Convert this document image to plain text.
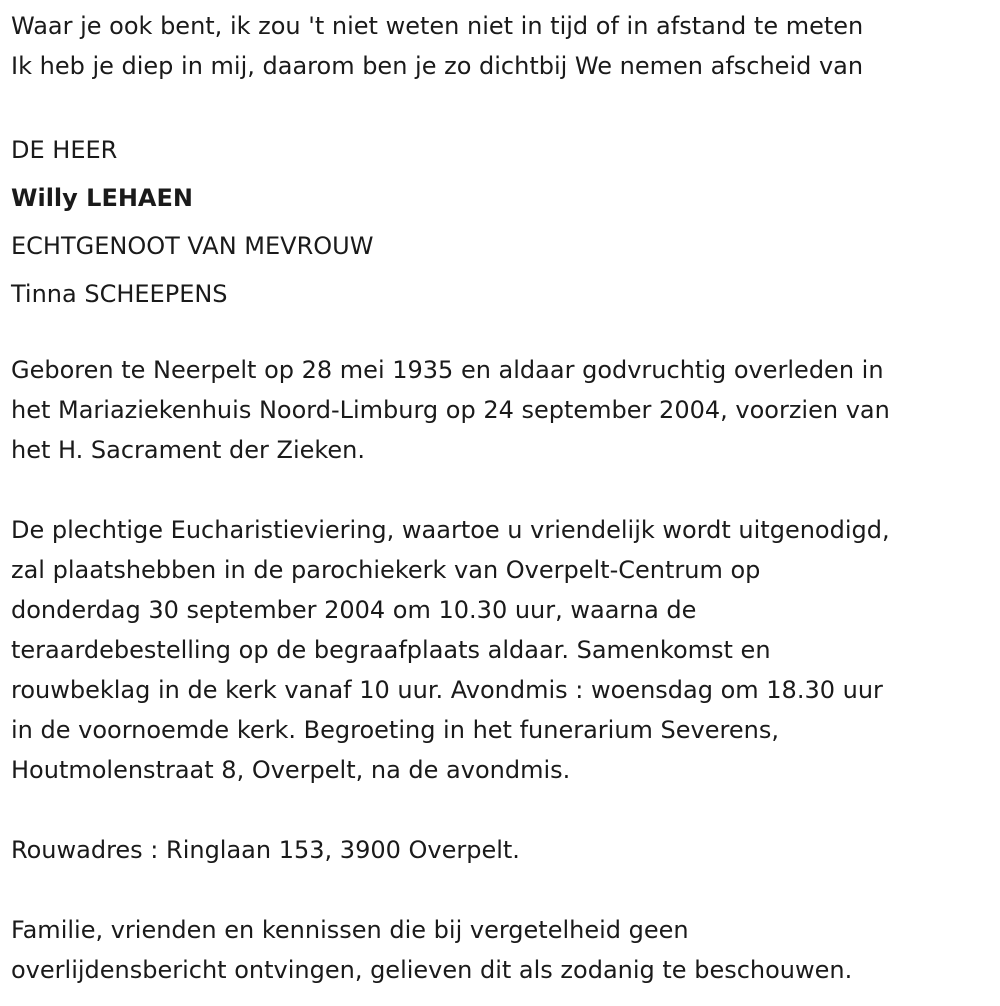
Waar je ook bent, ik zou 't niet weten niet in tijd of in afstand te meten

Ik heb je diep in mij, daarom ben je zo dichtbij We nemen afscheid van

DE HEER

Willy LEHAEN

ECHTGENOOT VAN MEVROUW

Tinna SCHEEPENS

Geboren te Neerpelt op 28 mei 1935 en aldaar godvruchtig overleden in

het Mariaziekenhuis Noord-Limburg op 24 september 2004, voorzien van

het H. Sacrament der Zieken.

De plechtige Eucharistieviering, waartoe u vriendelijk wordt uitgenodigd,

zal plaatshebben in de parochiekerk van Overpelt-Centrum op

donderdag 30 september 2004 om 10.30 uur, waarna de

teraardebestelling op de begraafplaats aldaar. Samenkomst en

rouwbeklag in de kerk vanaf 10 uur. Avondmis : woensdag om 18.30 uur

in de voornoemde kerk. Begroeting in het funerarium Severens,

Houtmolenstraat 8, Overpelt, na de avondmis.

Rouwadres : Ringlaan 153, 3900 Overpelt.

Familie, vrienden en kennissen die bij vergetelheid geen

overlijdensbericht ontvingen, gelieven dit als zodanig te beschouwen.
